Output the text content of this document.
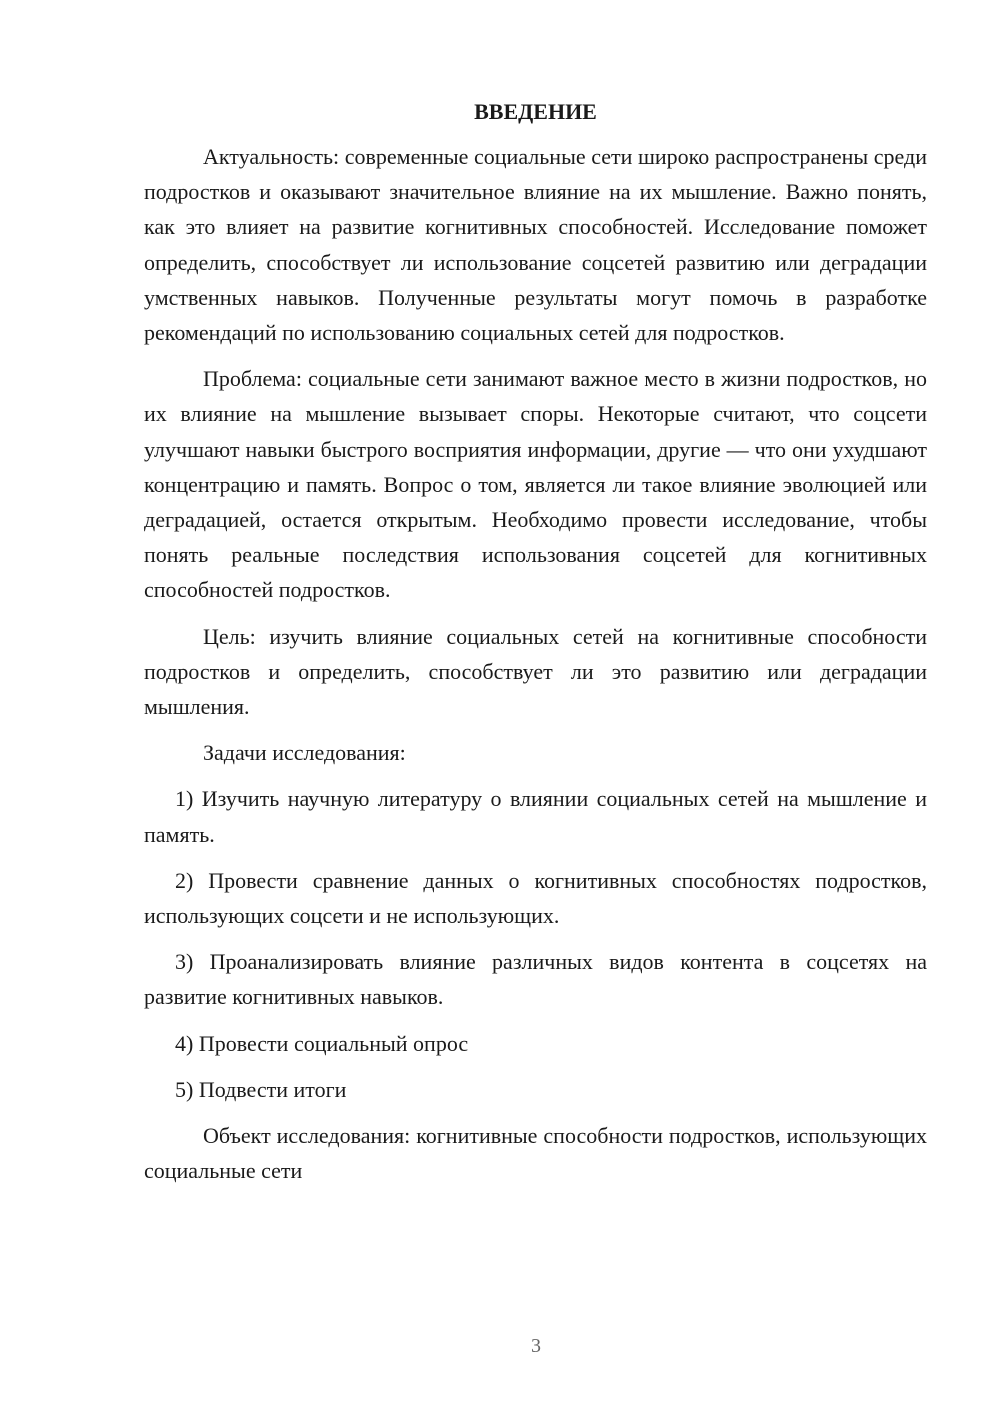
ВВЕДЕНИЕ

Актуальность: современные социальные сети широко распространены среди подростков и оказывают значительное влияние на их мышление. Важно понять, как это влияет на развитие когнитивных способностей. Исследование поможет определить, способствует ли использование соцсетей развитию или деградации умственных навыков. Полученные результаты могут помочь в разработке рекомендаций по использованию социальных сетей для подростков.

Проблема: социальные сети занимают важное место в жизни подростков, но их влияние на мышление вызывает споры. Некоторые считают, что соцсети улучшают навыки быстрого восприятия информации, другие — что они ухудшают концентрацию и память. Вопрос о том, является ли такое влияние эволюцией или деградацией, остается открытым. Необходимо провести исследование, чтобы понять реальные последствия использования соцсетей для когнитивных способностей подростков.

Цель: изучить влияние социальных сетей на когнитивные способности подростков и определить, способствует ли это развитию или деградации мышления.

Задачи исследования:

1) Изучить научную литературу о влиянии социальных сетей на мышление и память.

2) Провести сравнение данных о когнитивных способностях подростков, использующих соцсети и не использующих.

3) Проанализировать влияние различных видов контента в соцсетях на развитие когнитивных навыков.

4) Провести социальный опрос

5) Подвести итоги

Объект исследования: когнитивные способности подростков, использующих социальные сети

3
